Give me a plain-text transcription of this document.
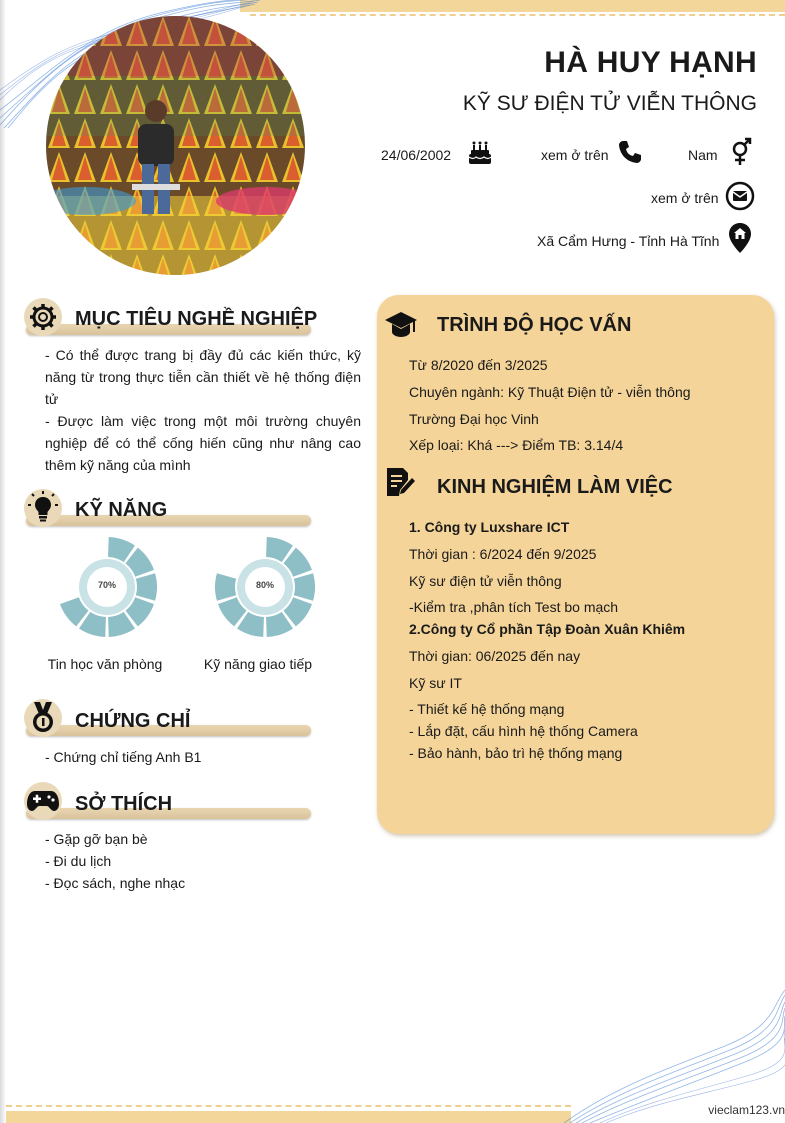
HÀ HUY HẠNH
KỸ SƯ ĐIỆN TỬ VIỄN THÔNG
24/06/2002	xem ở trên	Nam
xem ở trên
Xã Cẩm Hưng - Tỉnh Hà Tĩnh
MỤC TIÊU NGHỀ NGHIỆP
- Có thể được trang bị đầy đủ các kiến thức, kỹ năng từ trong thực tiễn cần thiết về hệ thống điện tử
- Được làm việc trong một môi trường chuyên nghiệp để có thể cống hiến cũng như nâng cao thêm kỹ năng của mình
KỸ NĂNG
70%
Tin học văn phòng
80%
Kỹ năng giao tiếp
CHỨNG CHỈ
- Chứng chỉ tiếng Anh B1
SỞ THÍCH
- Gặp gỡ bạn bè
- Đi du lịch
- Đọc sách, nghe nhạc
TRÌNH ĐỘ HỌC VẤN
Từ 8/2020 đến 3/2025
Chuyên ngành: Kỹ Thuật Điện tử - viễn thông
Trường Đại học Vinh
Xếp loại: Khá ---> Điểm TB: 3.14/4
KINH NGHIỆM LÀM VIỆC
1. Công ty Luxshare ICT
Thời gian : 6/2024 đến 9/2025
Kỹ sư điện tử viễn thông
-Kiểm tra ,phân tích Test bo mạch
2.Công ty Cổ phần Tập Đoàn Xuân Khiêm
Thời gian: 06/2025 đến nay
Kỹ sư IT
- Thiết kế hệ thống mạng
- Lắp đặt, cấu hình hệ thống Camera
- Bảo hành, bảo trì hệ thống mạng
vieclam123.vn
